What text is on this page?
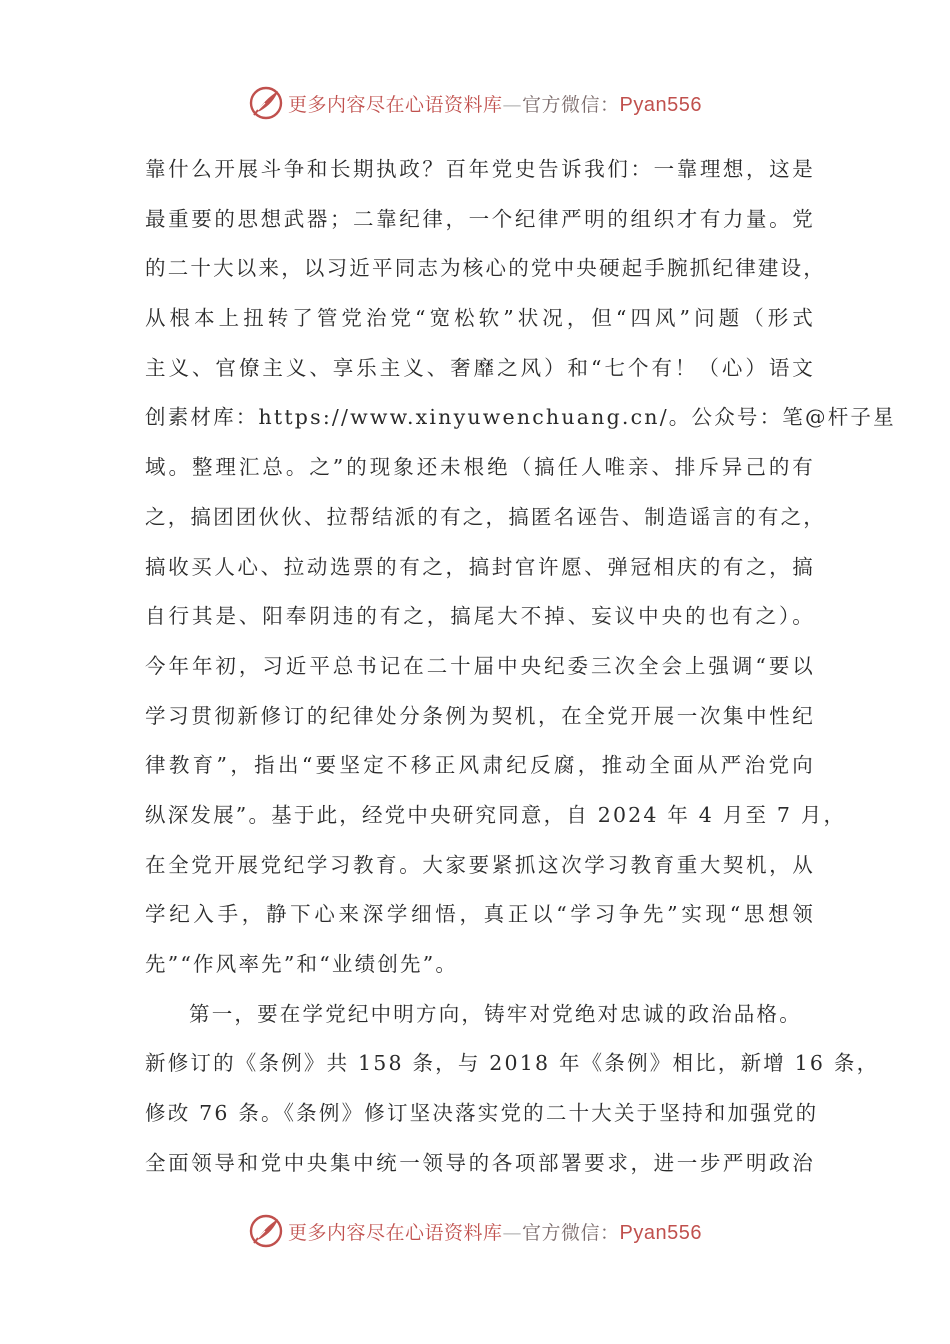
更多内容尽在心语资料库—官方微信：Pyan556
靠什么开展斗争和长期执政？百年党史告诉我们：一靠理想，这是
最重要的思想武器；二靠纪律，一个纪律严明的组织才有力量。党
的二十大以来，以习近平同志为核心的党中央硬起手腕抓纪律建设，
从根本上扭转了管党治党“宽松软”状况，但“四风”问题（形式
主义、官僚主义、享乐主义、奢靡之风）和“七个有！（心）语文
创素材库：https://www.xinyuwenchuang.cn/。公众号：笔@杆子星
域。整理汇总。之”的现象还未根绝（搞任人唯亲、排斥异己的有
之，搞团团伙伙、拉帮结派的有之，搞匿名诬告、制造谣言的有之，
搞收买人心、拉动选票的有之，搞封官许愿、弹冠相庆的有之，搞
自行其是、阳奉阴违的有之，搞尾大不掉、妄议中央的也有之）。
今年年初，习近平总书记在二十届中央纪委三次全会上强调“要以
学习贯彻新修订的纪律处分条例为契机，在全党开展一次集中性纪
律教育”，指出“要坚定不移正风肃纪反腐，推动全面从严治党向
纵深发展”。基于此，经党中央研究同意，自 2024 年 4 月至 7 月，
在全党开展党纪学习教育。大家要紧抓这次学习教育重大契机，从
学纪入手，静下心来深学细悟，真正以“学习争先”实现“思想领
先”“作风率先”和“业绩创先”。
第一，要在学党纪中明方向，铸牢对党绝对忠诚的政治品格。
新修订的《条例》共 158 条，与 2018 年《条例》相比，新增 16 条，
修改 76 条。《条例》修订坚决落实党的二十大关于坚持和加强党的
全面领导和党中央集中统一领导的各项部署要求，进一步严明政治
更多内容尽在心语资料库—官方微信：Pyan556
